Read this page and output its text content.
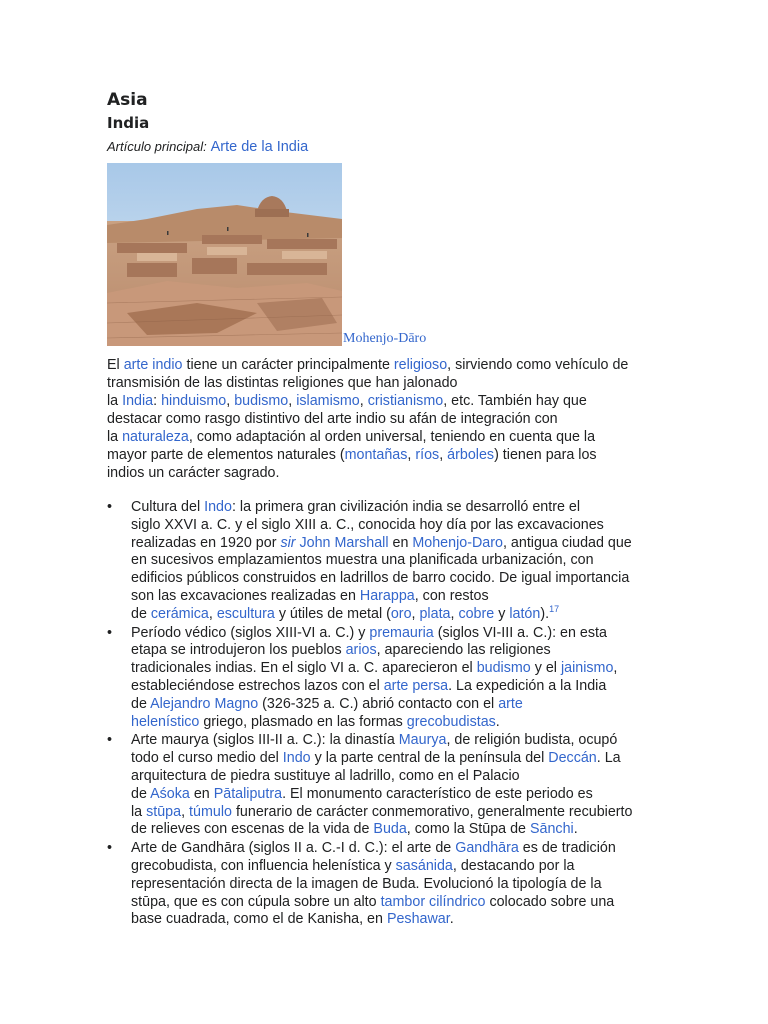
Asia
India
Artículo principal: Arte de la India
Mohenjo-Dāro

El arte indio tiene un carácter principalmente religioso, sirviendo como vehículo de
transmisión de las distintas religiones que han jalonado
la India: hinduismo, budismo, islamismo, cristianismo, etc. También hay que
destacar como rasgo distintivo del arte indio su afán de integración con
la naturaleza, como adaptación al orden universal, teniendo en cuenta que la
mayor parte de elementos naturales (montañas, ríos, árboles) tienen para los
indios un carácter sagrado.

•	Cultura del Indo: la primera gran civilización india se desarrolló entre el
siglo XXVI a. C. y el siglo XIII a. C., conocida hoy día por las excavaciones
realizadas en 1920 por sir John Marshall en Mohenjo-Daro, antigua ciudad que
en sucesivos emplazamientos muestra una planificada urbanización, con
edificios públicos construidos en ladrillos de barro cocido. De igual importancia
son las excavaciones realizadas en Harappa, con restos
de cerámica, escultura y útiles de metal (oro, plata, cobre y latón).$^{17}$
•	Período védico (siglos XIII-VI a. C.) y premauria (siglos VI-III a. C.): en esta
etapa se introdujeron los pueblos arios, apareciendo las religiones
tradicionales indias. En el siglo VI a. C. aparecieron el budismo y el jainismo,
estableciéndose estrechos lazos con el arte persa. La expedición a la India
de Alejandro Magno (326-325 a. C.) abrió contacto con el arte
helenístico griego, plasmado en las formas grecobudistas.
•	Arte maurya (siglos III-II a. C.): la dinastía Maurya, de religión budista, ocupó
todo el curso medio del Indo y la parte central de la península del Deccán. La
arquitectura de piedra sustituye al ladrillo, como en el Palacio
de Aśoka en Pātaliputra. El monumento característico de este periodo es
la stūpa, túmulo funerario de carácter conmemorativo, generalmente recubierto
de relieves con escenas de la vida de Buda, como la Stūpa de Sānchi.
•	Arte de Gandhāra (siglos II a. C.-I d. C.): el arte de Gandhāra es de tradición
grecobudista, con influencia helenística y sasánida, destacando por la
representación directa de la imagen de Buda. Evolucionó la tipología de la
stūpa, que es con cúpula sobre un alto tambor cilíndrico colocado sobre una
base cuadrada, como el de Kanisha, en Peshawar.
